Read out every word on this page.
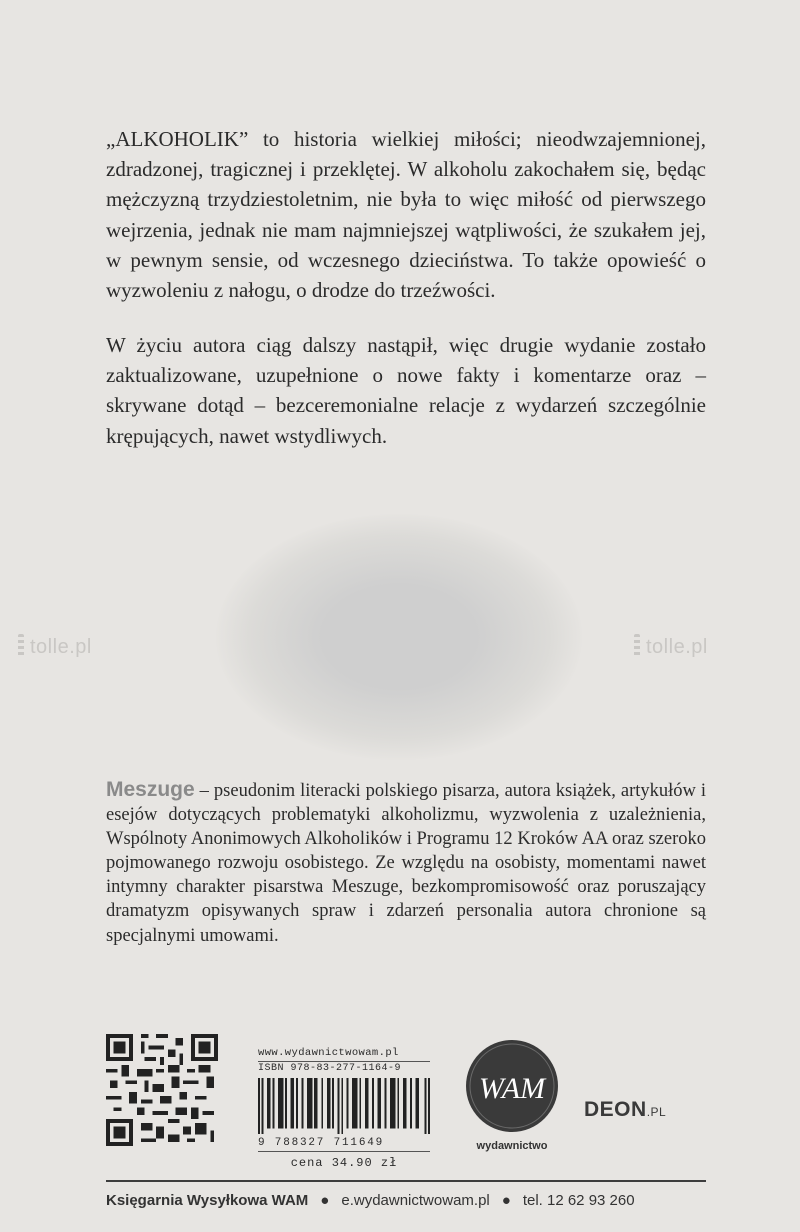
„ALKOHOLIK” to historia wielkiej miłości; nieodwzajemnionej, zdradzonej, tragicznej i przeklętej. W alkoholu zakochałem się, będąc mężczyzną trzydziestoletnim, nie była to więc miłość od pierwszego wejrzenia, jednak nie mam najmniejszej wątpliwości, że szukałem jej, w pewnym sensie, od wczesnego dzieciństwa. To także opowieść o wyzwoleniu z nałogu, o drodze do trzeźwości.

W życiu autora ciąg dalszy nastąpił, więc drugie wydanie zostało zaktualizowane, uzupełnione o nowe fakty i komentarze oraz – skrywane dotąd – bezceremonialne relacje z wydarzeń szczególnie krępujących, nawet wstydliwych.

tolle.pl	tolle.pl

Meszuge – pseudonim literacki polskiego pisarza, autora książek, artykułów i esejów dotyczących problematyki alkoholizmu, wyzwolenia z uzależnienia, Wspólnoty Anonimowych Alkoholików i Programu 12 Kroków AA oraz szeroko pojmowanego rozwoju osobistego. Ze względu na osobisty, momentami nawet intymny charakter pisarstwa Meszuge, bezkompromisowość oraz poruszający dramatyzm opisywanych spraw i zdarzeń personalia autora chronione są specjalnymi umowami.

www.wydawnictwowam.pl
ISBN 978-83-277-1164-9
9 788327 711649
cena 34.90 zł
WAM
wydawnictwo
DEON.PL
Księgarnia Wysyłkowa WAM ● e.wydawnictwowam.pl ● tel. 12 62 93 260
